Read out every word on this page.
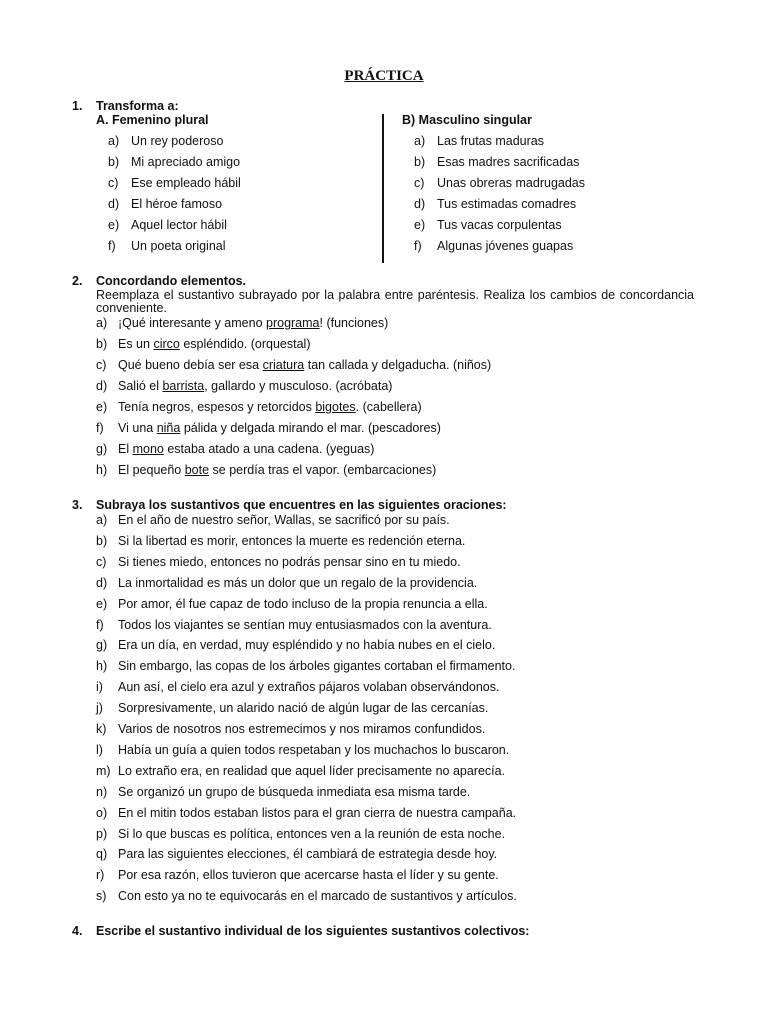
PRÁCTICA
1. Transforma a:
A. Femenino plural	B) Masculino singular
a) Un rey poderoso
b) Mi apreciado amigo
c) Ese empleado hábil
d) El héroe famoso
e) Aquel lector hábil
f) Un poeta original
a) Las frutas maduras
b) Esas madres sacrificadas
c) Unas obreras madrugadas
d) Tus estimadas comadres
e) Tus vacas corpulentas
f) Algunas jóvenes guapas
2. Concordando elementos.
Reemplaza el sustantivo subrayado por la palabra entre paréntesis. Realiza los cambios de concordancia conveniente.
a) ¡Qué interesante y ameno programa! (funciones)
b) Es un circo espléndido. (orquestal)
c) Qué bueno debía ser esa criatura tan callada y delgaducha. (niños)
d) Salió el barrista, gallardo y musculoso. (acróbata)
e) Tenía negros, espesos y retorcidos bigotes. (cabellera)
f) Vi una niña pálida y delgada mirando el mar. (pescadores)
g) El mono estaba atado a una cadena. (yeguas)
h) El pequeño bote se perdía tras el vapor. (embarcaciones)
3. Subraya los sustantivos que encuentres en las siguientes oraciones:
a) En el año de nuestro señor, Wallas, se sacrificó por su país.
b) Si la libertad es morir, entonces la muerte es redención eterna.
c) Si tienes miedo, entonces no podrás pensar sino en tu miedo.
d) La inmortalidad es más un dolor que un regalo de la providencia.
e) Por amor, él fue capaz de todo incluso de la propia renuncia a ella.
f) Todos los viajantes se sentían muy entusiasmados con la aventura.
g) Era un día, en verdad, muy espléndido y no había nubes en el cielo.
h) Sin embargo, las copas de los árboles gigantes cortaban el firmamento.
i) Aun así, el cielo era azul y extraños pájaros volaban observándonos.
j) Sorpresivamente, un alarido nació de algún lugar de las cercanías.
k) Varios de nosotros nos estremecimos y nos miramos confundidos.
l) Había un guía a quien todos respetaban y los muchachos lo buscaron.
m) Lo extraño era, en realidad que aquel líder precisamente no aparecía.
n) Se organizó un grupo de búsqueda inmediata esa misma tarde.
o) En el mitin todos estaban listos para el gran cierra de nuestra campaña.
p) Si lo que buscas es política, entonces ven a la reunión de esta noche.
q) Para las siguientes elecciones, él cambiará de estrategia desde hoy.
r) Por esa razón, ellos tuvieron que acercarse hasta el líder y su gente.
s) Con esto ya no te equivocarás en el marcado de sustantivos y artículos.
4. Escribe el sustantivo individual de los siguientes sustantivos colectivos:
